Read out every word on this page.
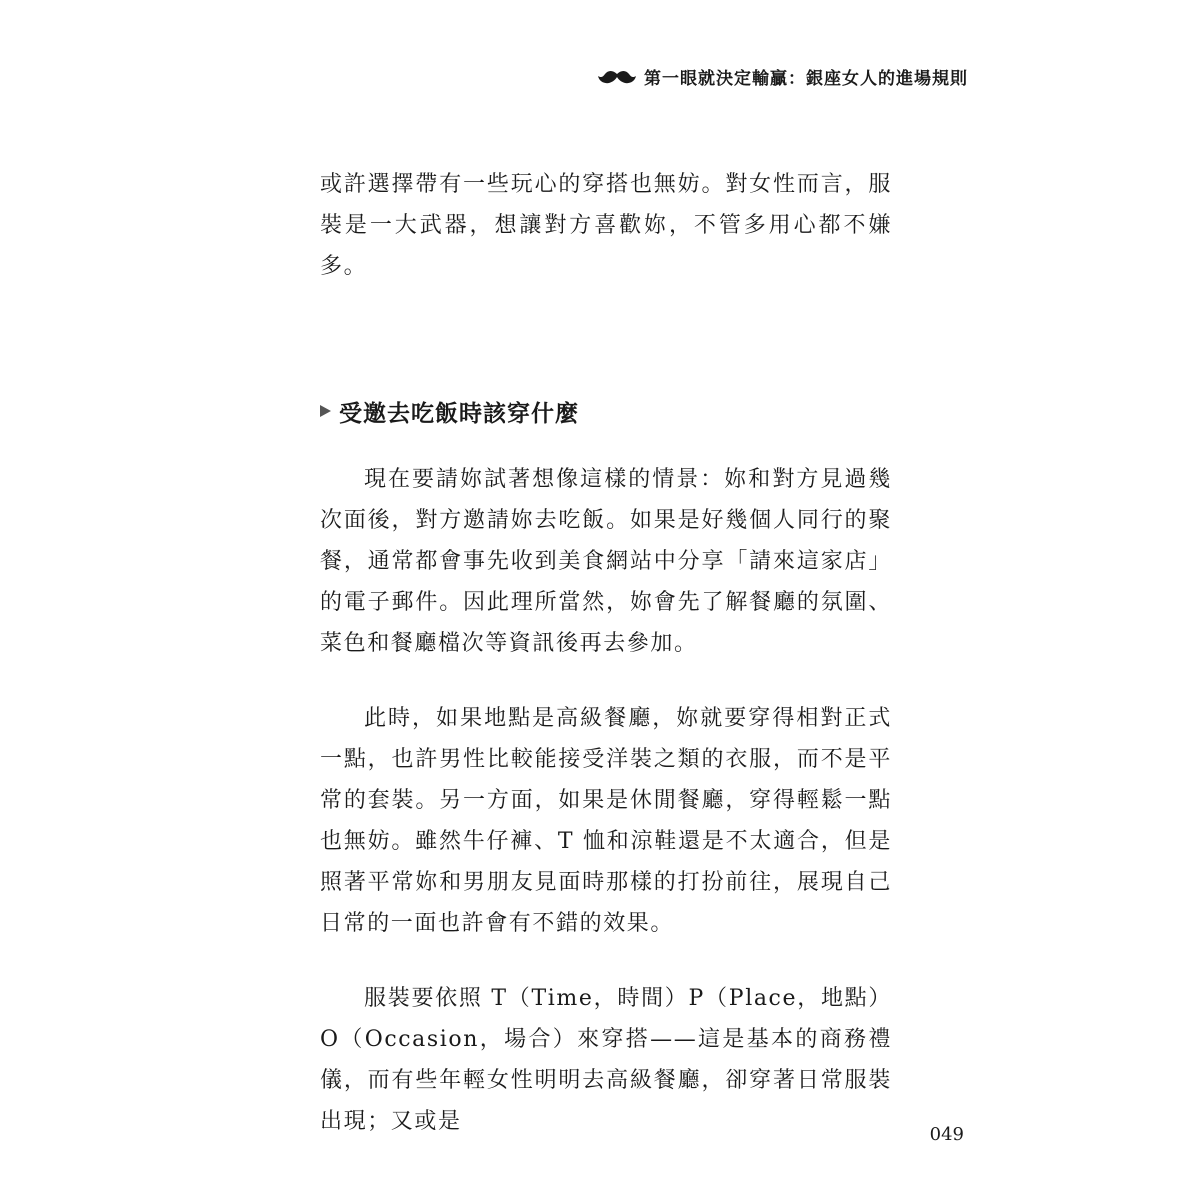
第一眼就決定輸贏：銀座女人的進場規則

或許選擇帶有一些玩心的穿搭也無妨。對女性而言，服裝是一大武器，想讓對方喜歡妳，不管多用心都不嫌多。

受邀去吃飯時該穿什麼

現在要請妳試著想像這樣的情景：妳和對方見過幾次面後，對方邀請妳去吃飯。如果是好幾個人同行的聚餐，通常都會事先收到美食網站中分享「請來這家店」的電子郵件。因此理所當然，妳會先了解餐廳的氛圍、菜色和餐廳檔次等資訊後再去參加。

此時，如果地點是高級餐廳，妳就要穿得相對正式一點，也許男性比較能接受洋裝之類的衣服，而不是平常的套裝。另一方面，如果是休閒餐廳，穿得輕鬆一點也無妨。雖然牛仔褲、T 恤和涼鞋還是不太適合，但是照著平常妳和男朋友見面時那樣的打扮前往，展現自己日常的一面也許會有不錯的效果。

服裝要依照 T（Time，時間）P（Place，地點）O（Occasion，場合）來穿搭——這是基本的商務禮儀，而有些年輕女性明明去高級餐廳，卻穿著日常服裝出現；又或是

049
